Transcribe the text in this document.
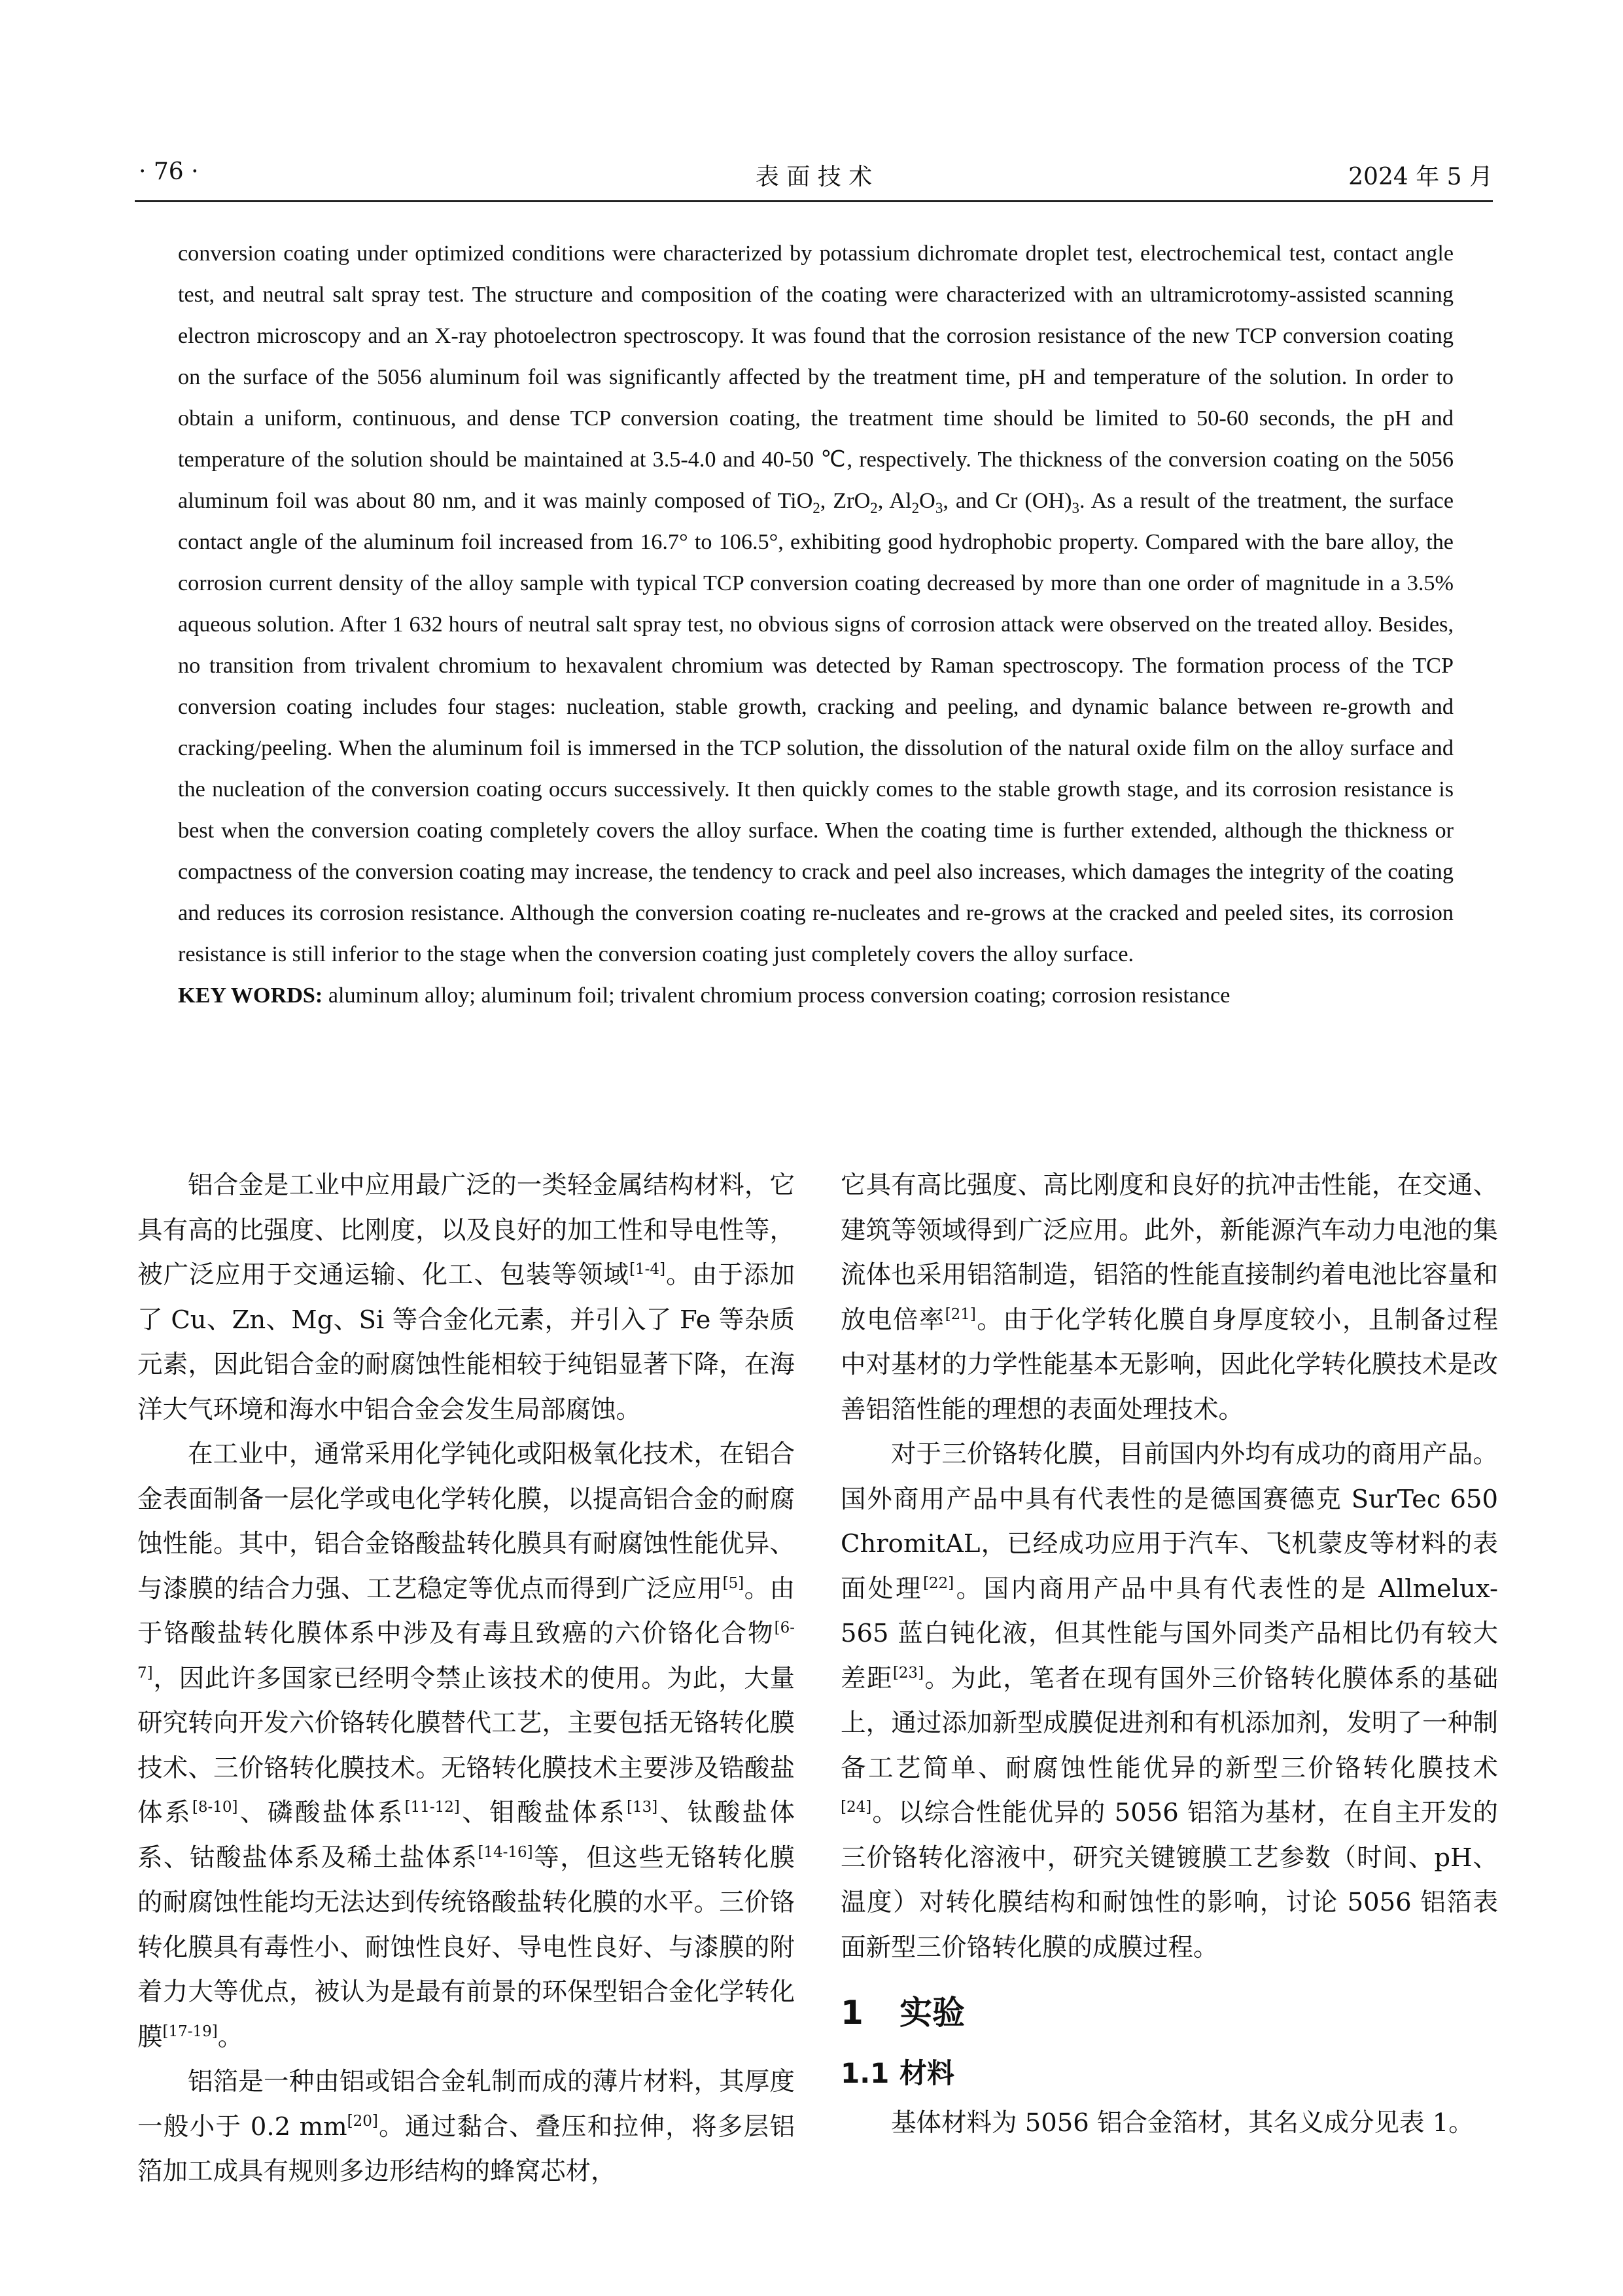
· 76 ·	表 面 技 术	2024 年 5 月

conversion coating under optimized conditions were characterized by potassium dichromate droplet test, electrochemical test, contact angle test, and neutral salt spray test. The structure and composition of the coating were characterized with an ultramicrotomy-assisted scanning electron microscopy and an X-ray photoelectron spectroscopy. It was found that the corrosion resistance of the new TCP conversion coating on the surface of the 5056 aluminum foil was significantly affected by the treatment time, pH and temperature of the solution. In order to obtain a uniform, continuous, and dense TCP conversion coating, the treatment time should be limited to 50-60 seconds, the pH and temperature of the solution should be maintained at 3.5-4.0 and 40-50 ℃, respectively. The thickness of the conversion coating on the 5056 aluminum foil was about 80 nm, and it was mainly composed of TiO$_2$, ZrO$_2$, $Al_2O_3$, and Cr $(OH)_3$. As a result of the treatment, the surface contact angle of the aluminum foil increased from 16.7° to 106.5°, exhibiting good hydrophobic property. Compared with the bare alloy, the corrosion current density of the alloy sample with typical TCP conversion coating decreased by more than one order of magnitude in a 3.5% aqueous solution. After 1 632 hours of neutral salt spray test, no obvious signs of corrosion attack were observed on the treated alloy. Besides, no transition from trivalent chromium to hexavalent chromium was detected by Raman spectroscopy. The formation process of the TCP conversion coating includes four stages: nucleation, stable growth, cracking and peeling, and dynamic balance between re-growth and cracking/peeling. When the aluminum foil is immersed in the TCP solution, the dissolution of the natural oxide film on the alloy surface and the nucleation of the conversion coating occurs successively. It then quickly comes to the stable growth stage, and its corrosion resistance is best when the conversion coating completely covers the alloy surface. When the coating time is further extended, although the thickness or compactness of the conversion coating may increase, the tendency to crack and peel also increases, which damages the integrity of the coating and reduces its corrosion resistance. Although the conversion coating re-nucleates and re-grows at the cracked and peeled sites, its corrosion resistance is still inferior to the stage when the conversion coating just completely covers the alloy surface.

KEY WORDS: aluminum alloy; aluminum foil; trivalent chromium process conversion coating; corrosion resistance

铝合金是工业中应用最广泛的一类轻金属结构材料，它具有高的比强度、比刚度，以及良好的加工性和导电性等，被广泛应用于交通运输、化工、包装等领域[1-4]。由于添加了 Cu、Zn、Mg、Si 等合金化元素，并引入了 Fe 等杂质元素，因此铝合金的耐腐蚀性能相较于纯铝显著下降，在海洋大气环境和海水中铝合金会发生局部腐蚀。

在工业中，通常采用化学钝化或阳极氧化技术，在铝合金表面制备一层化学或电化学转化膜，以提高铝合金的耐腐蚀性能。其中，铝合金铬酸盐转化膜具有耐腐蚀性能优异、与漆膜的结合力强、工艺稳定等优点而得到广泛应用[5]。由于铬酸盐转化膜体系中涉及有毒且致癌的六价铬化合物[6-7]，因此许多国家已经明令禁止该技术的使用。为此，大量研究转向开发六价铬转化膜替代工艺，主要包括无铬转化膜技术、三价铬转化膜技术。无铬转化膜技术主要涉及锆酸盐体系[8-10]、磷酸盐体系[11-12]、钼酸盐体系[13]、钛酸盐体系、钴酸盐体系及稀土盐体系[14-16]等，但这些无铬转化膜的耐腐蚀性能均无法达到传统铬酸盐转化膜的水平。三价铬转化膜具有毒性小、耐蚀性良好、导电性良好、与漆膜的附着力大等优点，被认为是最有前景的环保型铝合金化学转化膜[17-19]。

铝箔是一种由铝或铝合金轧制而成的薄片材料，其厚度一般小于 0.2 mm[20]。通过黏合、叠压和拉伸，将多层铝箔加工成具有规则多边形结构的蜂窝芯材，

它具有高比强度、高比刚度和良好的抗冲击性能，在交通、建筑等领域得到广泛应用。此外，新能源汽车动力电池的集流体也采用铝箔制造，铝箔的性能直接制约着电池比容量和放电倍率[21]。由于化学转化膜自身厚度较小，且制备过程中对基材的力学性能基本无影响，因此化学转化膜技术是改善铝箔性能的理想的表面处理技术。

对于三价铬转化膜，目前国内外均有成功的商用产品。国外商用产品中具有代表性的是德国赛德克 SurTec 650 ChromitAL，已经成功应用于汽车、飞机蒙皮等材料的表面处理[22]。国内商用产品中具有代表性的是 Allmelux-565 蓝白钝化液，但其性能与国外同类产品相比仍有较大差距[23]。为此，笔者在现有国外三价铬转化膜体系的基础上，通过添加新型成膜促进剂和有机添加剂，发明了一种制备工艺简单、耐腐蚀性能优异的新型三价铬转化膜技术[24]。以综合性能优异的 5056 铝箔为基材，在自主开发的三价铬转化溶液中，研究关键镀膜工艺参数（时间、pH、温度）对转化膜结构和耐蚀性的影响，讨论 5056 铝箔表面新型三价铬转化膜的成膜过程。

1 实验
1.1 材料

基体材料为 5056 铝合金箔材，其名义成分见表 1。
